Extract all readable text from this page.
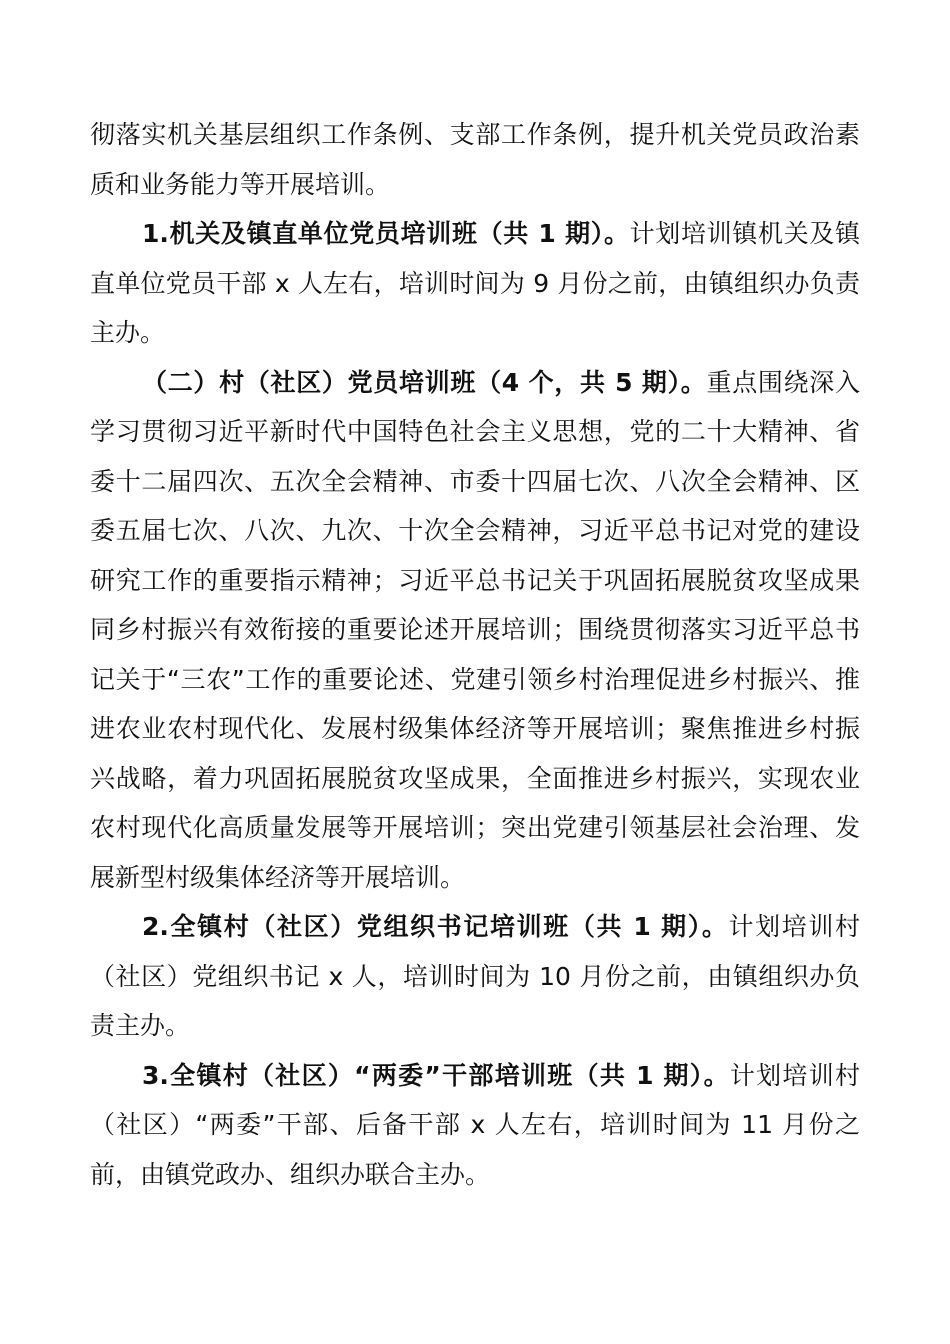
彻落实机关基层组织工作条例、支部工作条例，提升机关党员政治素质和业务能力等开展培训。

1.机关及镇直单位党员培训班（共 1 期）。计划培训镇机关及镇直单位党员干部 x 人左右，培训时间为 9 月份之前，由镇组织办负责主办。

（二）村（社区）党员培训班（4 个，共 5 期）。重点围绕深入学习贯彻习近平新时代中国特色社会主义思想，党的二十大精神、省委十二届四次、五次全会精神、市委十四届七次、八次全会精神、区委五届七次、八次、九次、十次全会精神，习近平总书记对党的建设研究工作的重要指示精神；习近平总书记关于巩固拓展脱贫攻坚成果同乡村振兴有效衔接的重要论述开展培训；围绕贯彻落实习近平总书记关于“三农”工作的重要论述、党建引领乡村治理促进乡村振兴、推进农业农村现代化、发展村级集体经济等开展培训；聚焦推进乡村振兴战略，着力巩固拓展脱贫攻坚成果，全面推进乡村振兴，实现农业农村现代化高质量发展等开展培训；突出党建引领基层社会治理、发展新型村级集体经济等开展培训。

2.全镇村（社区）党组织书记培训班（共 1 期）。计划培训村（社区）党组织书记 x 人，培训时间为 10 月份之前，由镇组织办负责主办。

3.全镇村（社区）“两委”干部培训班（共 1 期）。计划培训村（社区）“两委”干部、后备干部 x 人左右，培训时间为 11 月份之前，由镇党政办、组织办联合主办。
